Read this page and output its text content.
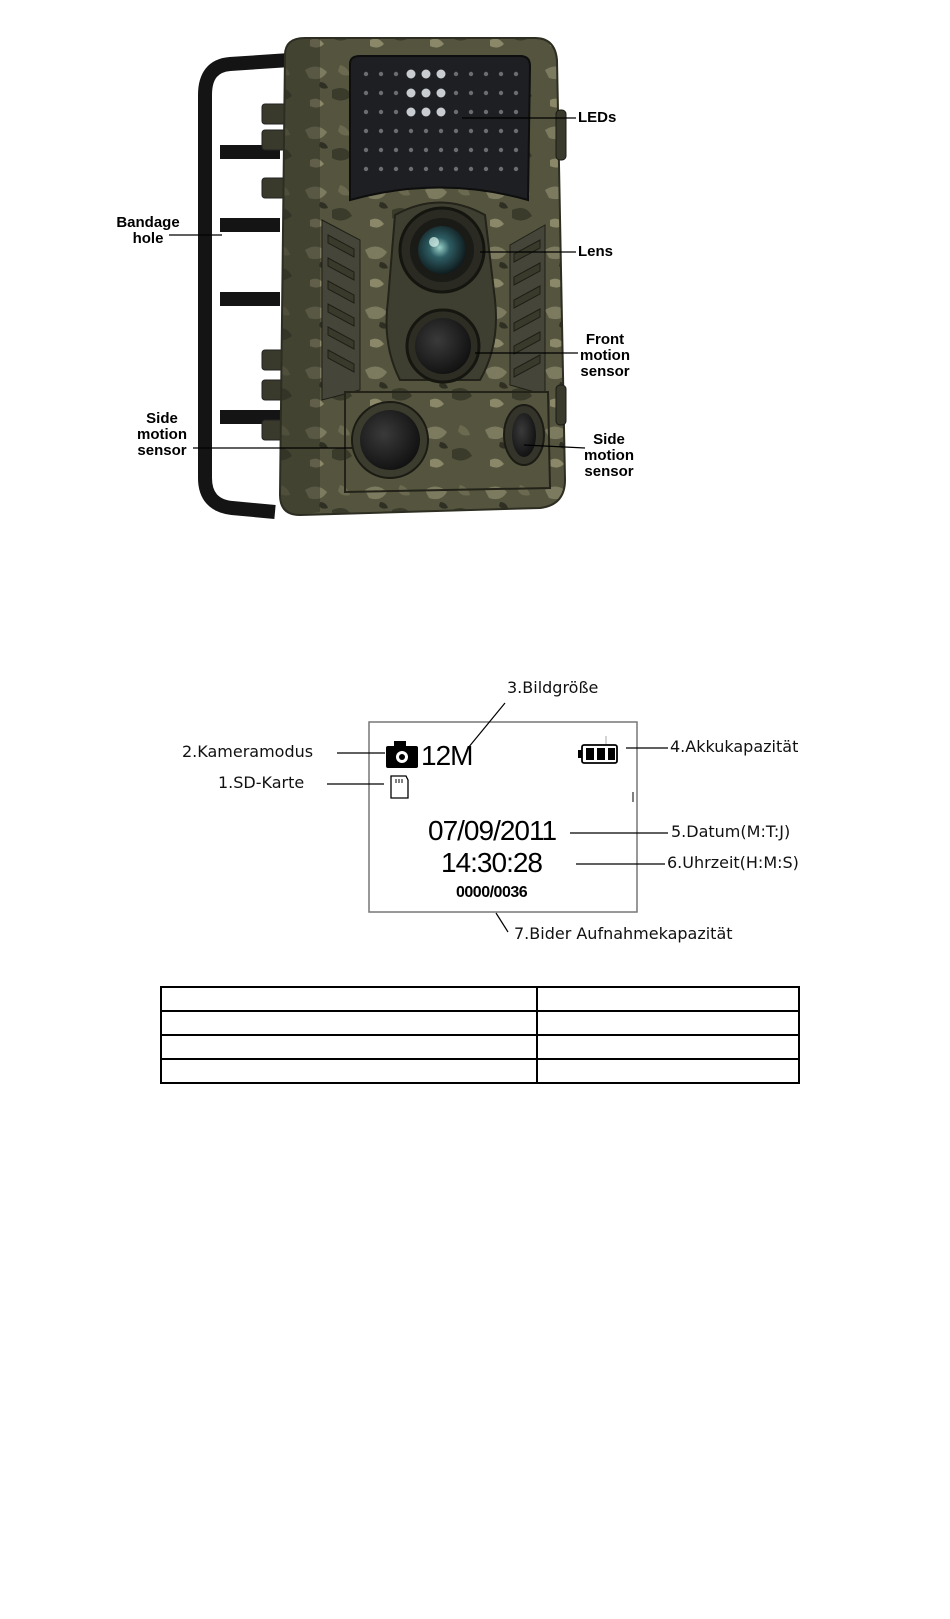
LEDs
Lens
Front
motion
sensor
Bandage
hole
Side
motion
sensor
Side
motion
sensor
12M
07/09/2011
14:30:28
0000/0036
3.Bildgröße
2.Kameramodus
1.SD-Karte
4.Akkukapazität
5.Datum(M:T:J)
6.Uhrzeit(H:M:S)
7.Bider Aufnahmekapazität
